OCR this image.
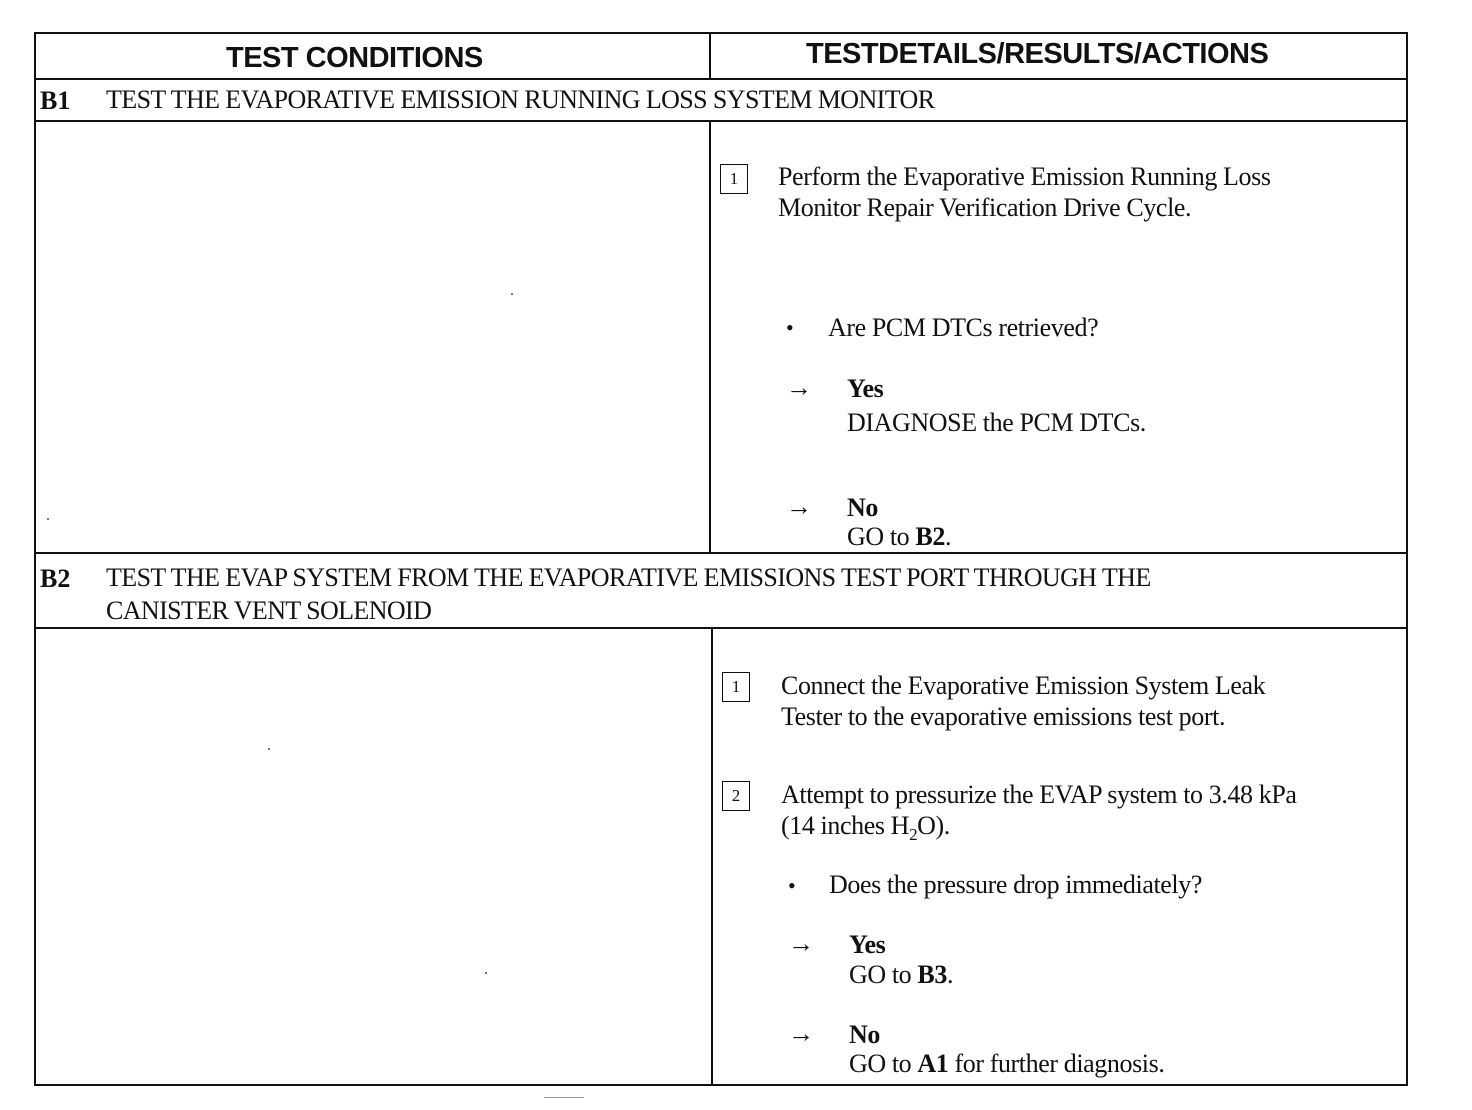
TEST CONDITIONS	TESTDETAILS/RESULTS/ACTIONS
B1 TEST THE EVAPORATIVE EMISSION RUNNING LOSS SYSTEM MONITOR
1	Perform the Evaporative Emission Running Loss
Monitor Repair Verification Drive Cycle.
• Are PCM DTCs retrieved?
→ Yes
DIAGNOSE the PCM DTCs.
→ No
GO to B2.
B2 TEST THE EVAP SYSTEM FROM THE EVAPORATIVE EMISSIONS TEST PORT THROUGH THE
CANISTER VENT SOLENOID
1	Connect the Evaporative Emission System Leak
Tester to the evaporative emissions test port.
2	Attempt to pressurize the EVAP system to 3.48 kPa
(14 inches $H_2O$).
• Does the pressure drop immediately?
→ Yes
GO to B3.
→ No
GO to A1 for further diagnosis.
